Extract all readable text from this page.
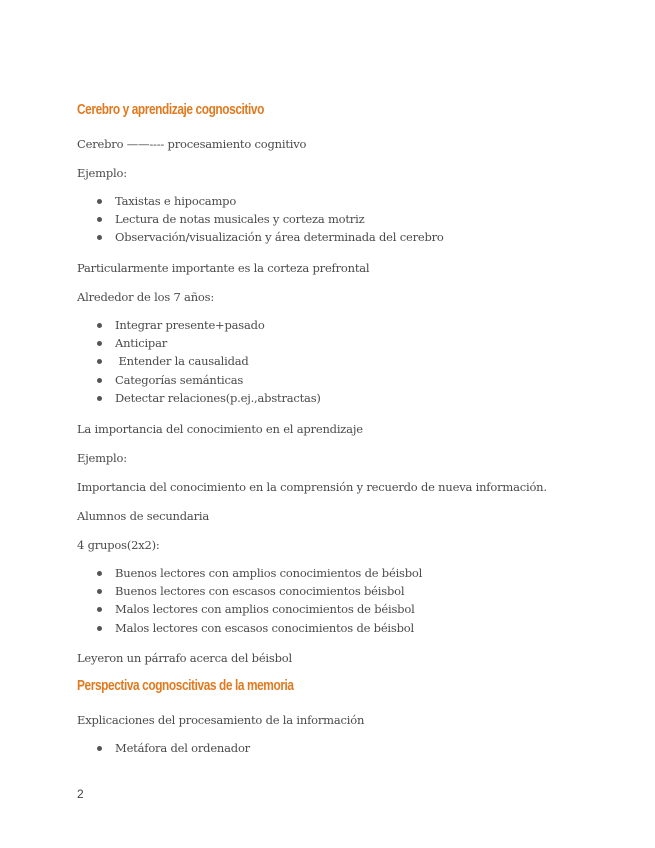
Cerebro y aprendizaje cognoscitivo

Cerebro ——---- procesamiento cognitivo

Ejemplo:

Taxistas e hipocampo
Lectura de notas musicales y corteza motriz
Observación/visualización y área determinada del cerebro

Particularmente importante es la corteza prefrontal

Alrededor de los 7 años:

Integrar presente+pasado
Anticipar
Entender la causalidad
Categorías semánticas
Detectar relaciones(p.ej.,abstractas)

La importancia del conocimiento en el aprendizaje

Ejemplo:

Importancia del conocimiento en la comprensión y recuerdo de nueva información.

Alumnos de secundaria

4 grupos(2x2):

Buenos lectores con amplios conocimientos de béisbol
Buenos lectores con escasos conocimientos béisbol
Malos lectores con amplios conocimientos de béisbol
Malos lectores con escasos conocimientos de béisbol

Leyeron un párrafo acerca del béisbol

Perspectiva cognoscitivas de la memoria

Explicaciones del procesamiento de la información

Metáfora del ordenador

2
